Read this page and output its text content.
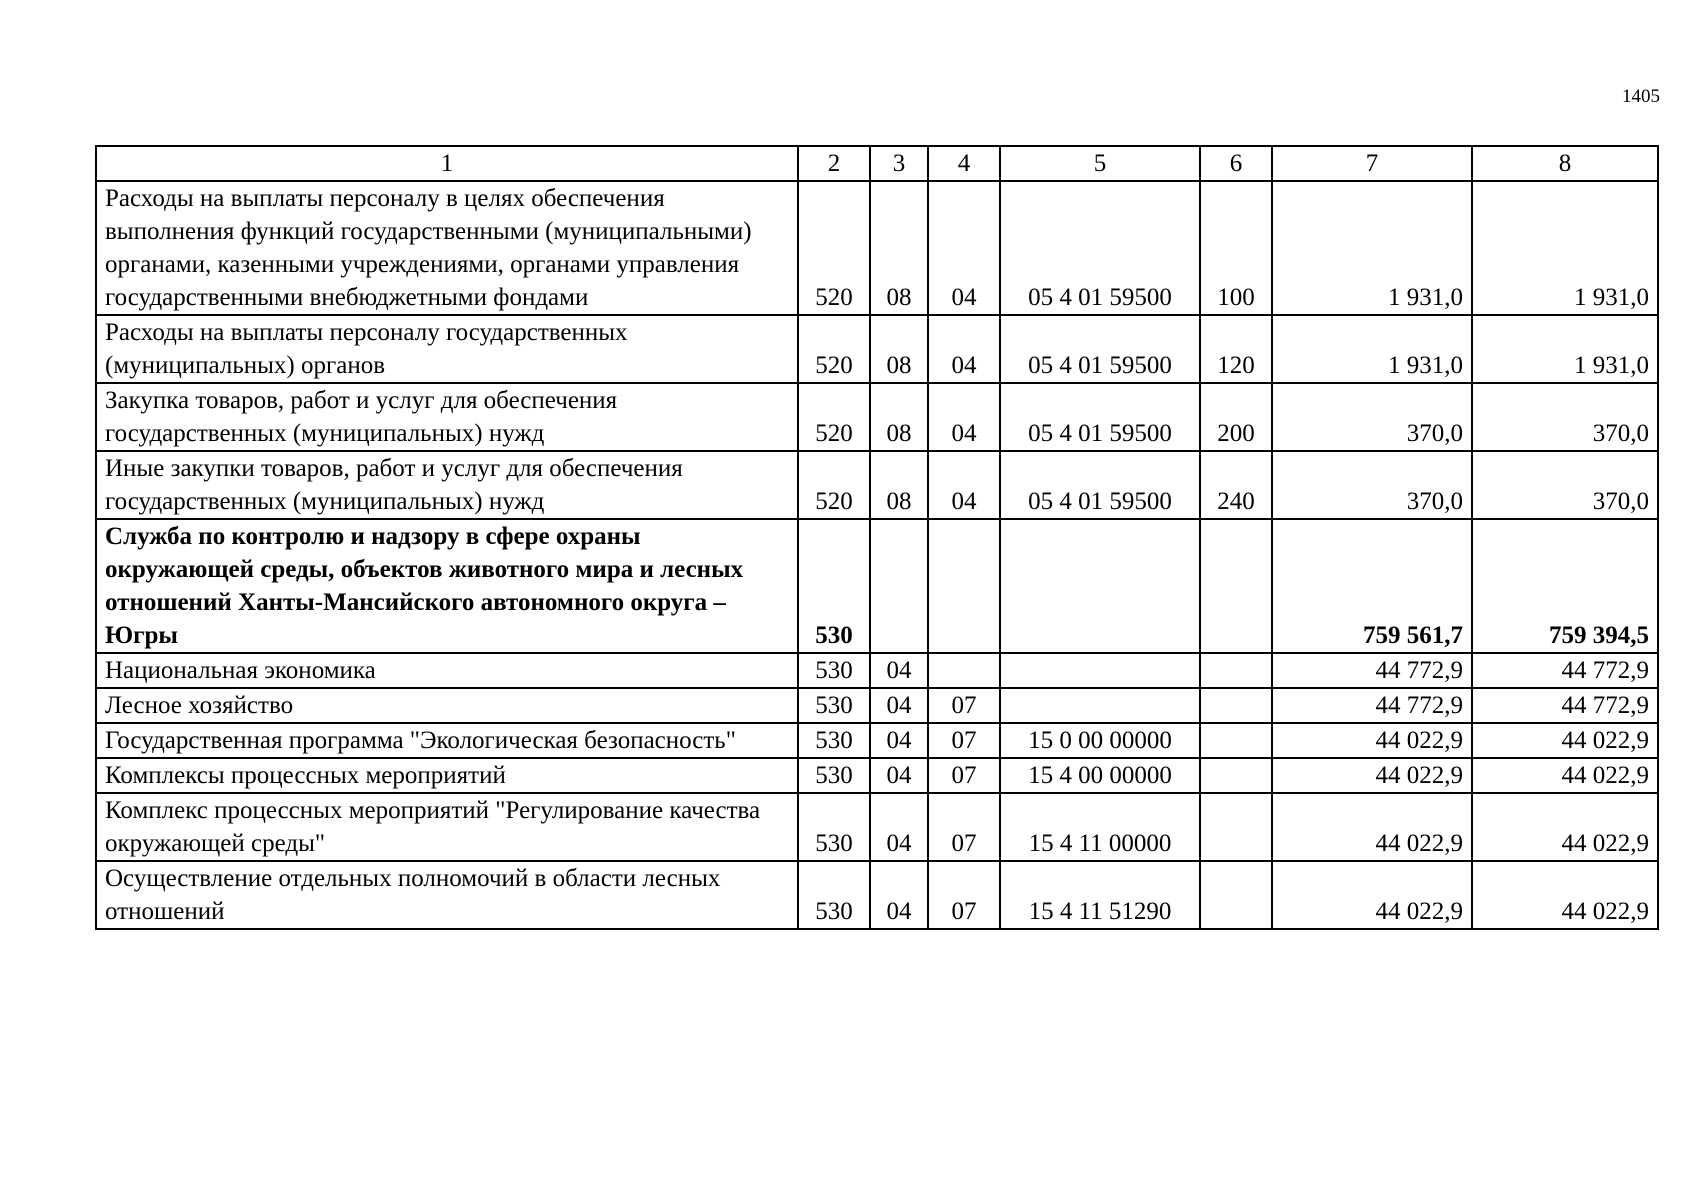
1405
1	2	3	4	5	6	7	8
Расходы на выплаты персоналу в целях обеспечения выполнения функций государственными (муниципальными) органами, казенными учреждениями, органами управления государственными внебюджетными фондами	520	08	04	05 4 01 59500	100	1 931,0	1 931,0
Расходы на выплаты персоналу государственных (муниципальных) органов	520	08	04	05 4 01 59500	120	1 931,0	1 931,0
Закупка товаров, работ и услуг для обеспечения государственных (муниципальных) нужд	520	08	04	05 4 01 59500	200	370,0	370,0
Иные закупки товаров, работ и услуг для обеспечения государственных (муниципальных) нужд	520	08	04	05 4 01 59500	240	370,0	370,0
Служба по контролю и надзору в сфере охраны окружающей среды, объектов животного мира и лесных отношений Ханты-Мансийского автономного округа – Югры	530					759 561,7	759 394,5
Национальная экономика	530	04				44 772,9	44 772,9
Лесное хозяйство	530	04	07			44 772,9	44 772,9
Государственная программа "Экологическая безопасность"	530	04	07	15 0 00 00000		44 022,9	44 022,9
Комплексы процессных мероприятий	530	04	07	15 4 00 00000		44 022,9	44 022,9
Комплекс процессных мероприятий "Регулирование качества окружающей среды"	530	04	07	15 4 11 00000		44 022,9	44 022,9
Осуществление отдельных полномочий в области лесных отношений	530	04	07	15 4 11 51290		44 022,9	44 022,9
